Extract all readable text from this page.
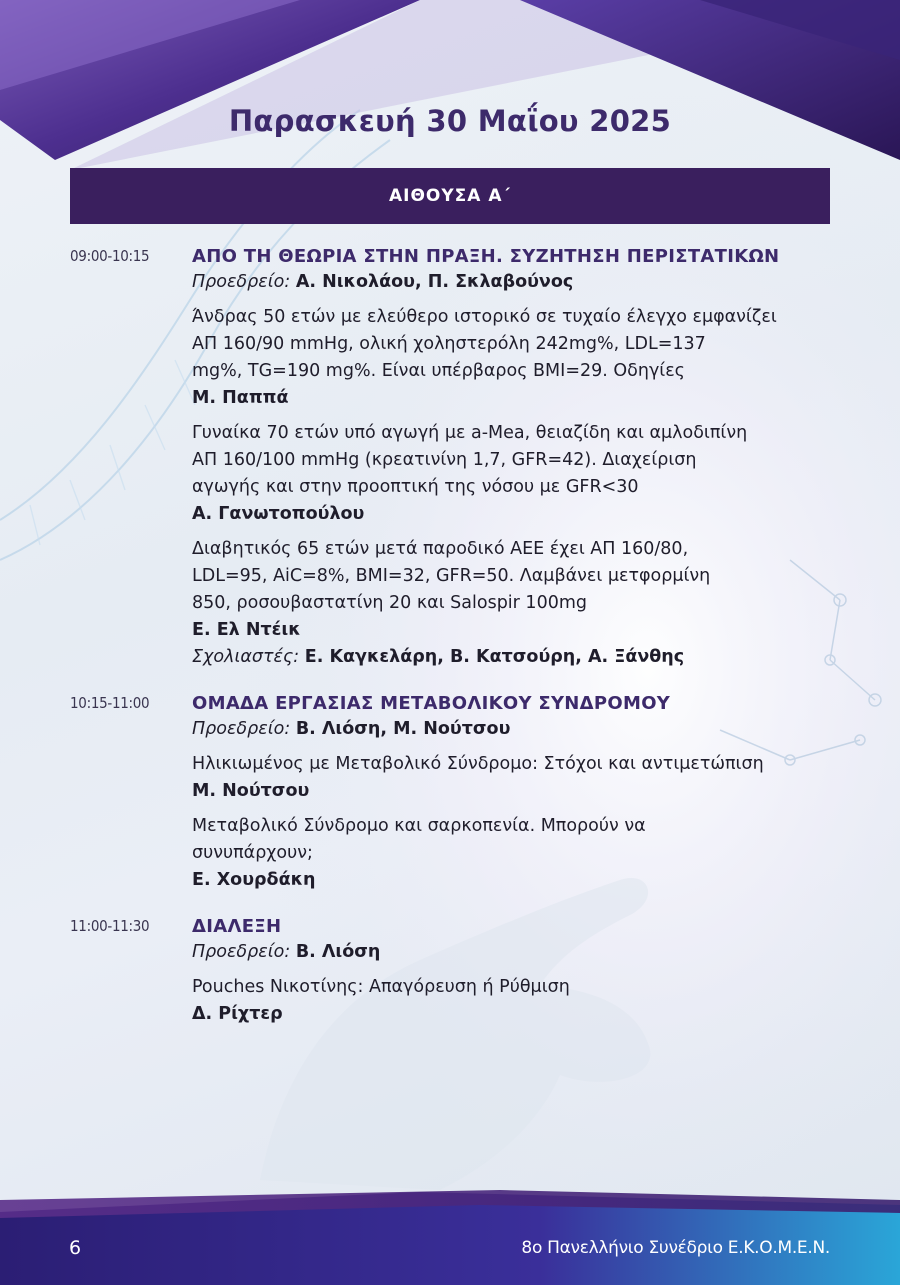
Παρασκευή 30 Μαΐου 2025
ΑΙΘΟΥΣΑ Α΄
09:00-10:15	ΑΠΟ ΤΗ ΘΕΩΡΙΑ ΣΤΗΝ ΠΡΑΞΗ. ΣΥΖΗΤΗΣΗ ΠΕΡΙΣΤΑΤΙΚΩΝ
Προεδρείο: Α. Νικολάου, Π. Σκλαβούνος
Άνδρας 50 ετών με ελεύθερο ιστορικό σε τυχαίο έλεγχο εμφανίζει
ΑΠ 160/90 mmHg, ολική χοληστερόλη 242mg%, LDL=137
mg%, TG=190 mg%. Είναι υπέρβαρος BMI=29. Οδηγίες
Μ. Παππά
Γυναίκα 70 ετών υπό αγωγή με a-Mea, θειαζίδη και αμλοδιπίνη
ΑΠ 160/100 mmHg (κρεατινίνη 1,7, GFR=42). Διαχείριση
αγωγής και στην προοπτική της νόσου με GFR<30
Α. Γανωτοπούλου
Διαβητικός 65 ετών μετά παροδικό ΑΕΕ έχει ΑΠ 160/80,
LDL=95, AiC=8%, BMI=32, GFR=50. Λαμβάνει μετφορμίνη
850, ροσουβαστατίνη 20 και Salospir 100mg
Ε. Ελ Ντέικ
Σχολιαστές: Ε. Καγκελάρη, Β. Κατσούρη, Α. Ξάνθης
10:15-11:00	ΟΜΑΔΑ ΕΡΓΑΣΙΑΣ ΜΕΤΑΒΟΛΙΚΟΥ ΣΥΝΔΡΟΜΟΥ
Προεδρείο: Β. Λιόση, Μ. Νούτσου
Ηλικιωμένος με Μεταβολικό Σύνδρομο: Στόχοι και αντιμετώπιση
Μ. Νούτσου
Μεταβολικό Σύνδρομο και σαρκοπενία. Μπορούν να
συνυπάρχουν;
Ε. Χουρδάκη
11:00-11:30	ΔΙΑΛΕΞΗ
Προεδρείο: Β. Λιόση
Pouches Νικοτίνης: Απαγόρευση ή Ρύθμιση
Δ. Ρίχτερ
6	8ο Πανελλήνιο Συνέδριο Ε.Κ.Ο.Μ.Ε.Ν.
